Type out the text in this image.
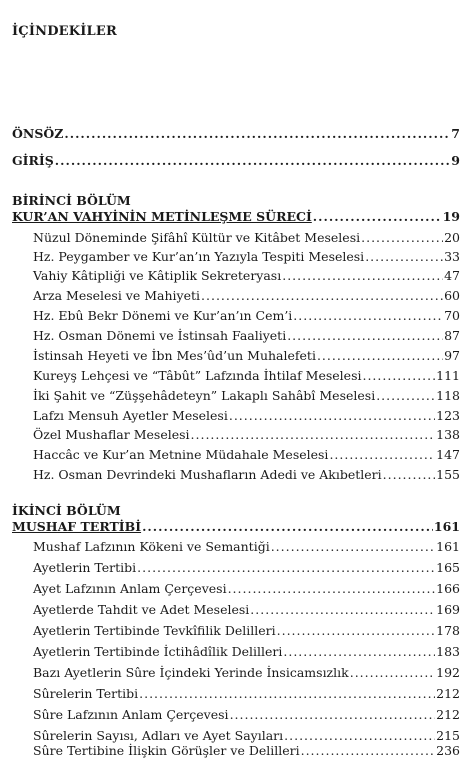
İÇİNDEKİLER
ÖNSÖZ .....	7
GİRİŞ .....	9
BİRİNCİ BÖLÜM
KUR’AN VAHYİNİN METİNLEŞME SÜRECİ .....	19
Nüzul Döneminde Şifâhî Kültür ve Kitâbet Meselesi .....	20
Hz. Peygamber ve Kur’an’ın Yazıyla Tespiti Meselesi .....	33
Vahiy Kâtipliği ve Kâtiplik Sekreteryası .....	47
Arza Meselesi ve Mahiyeti .....	60
Hz. Ebû Bekr Dönemi ve Kur’an’ın Cem’i .....	70
Hz. Osman Dönemi ve İstinsah Faaliyeti .....	87
İstinsah Heyeti ve İbn Mes’ûd’un Muhalefeti .....	97
Kureyş Lehçesi ve “Tâbût” Lafzında İhtilaf Meselesi .....	111
İki Şahit ve “Züşşehâdeteyn” Lakaplı Sahâbî Meselesi .....	118
Lafzı Mensuh Ayetler Meselesi .....	123
Özel Mushaflar Meselesi .....	138
Haccâc ve Kur’an Metnine Müdahale Meselesi .....	147
Hz. Osman Devrindeki Mushafların Adedi ve Akıbetleri .....	155
İKİNCİ BÖLÜM
MUSHAF TERTİBİ .....	161
Mushaf Lafzının Kökeni ve Semantiği .....	161
Ayetlerin Tertibi .....	165
Ayet Lafzının Anlam Çerçevesi .....	166
Ayetlerde Tahdit ve Adet Meselesi .....	169
Ayetlerin Tertibinde Tevkîfilik Delilleri .....	178
Ayetlerin Tertibinde İctihâdîlik Delilleri .....	183
Bazı Ayetlerin Sûre İçindeki Yerinde İnsicamsızlık .....	192
Sûrelerin Tertibi .....	212
Sûre Lafzının Anlam Çerçevesi .....	212
Sûrelerin Sayısı, Adları ve Ayet Sayıları .....	215
Sûre Tertibine İlişkin Görüşler ve Delilleri .....	236
